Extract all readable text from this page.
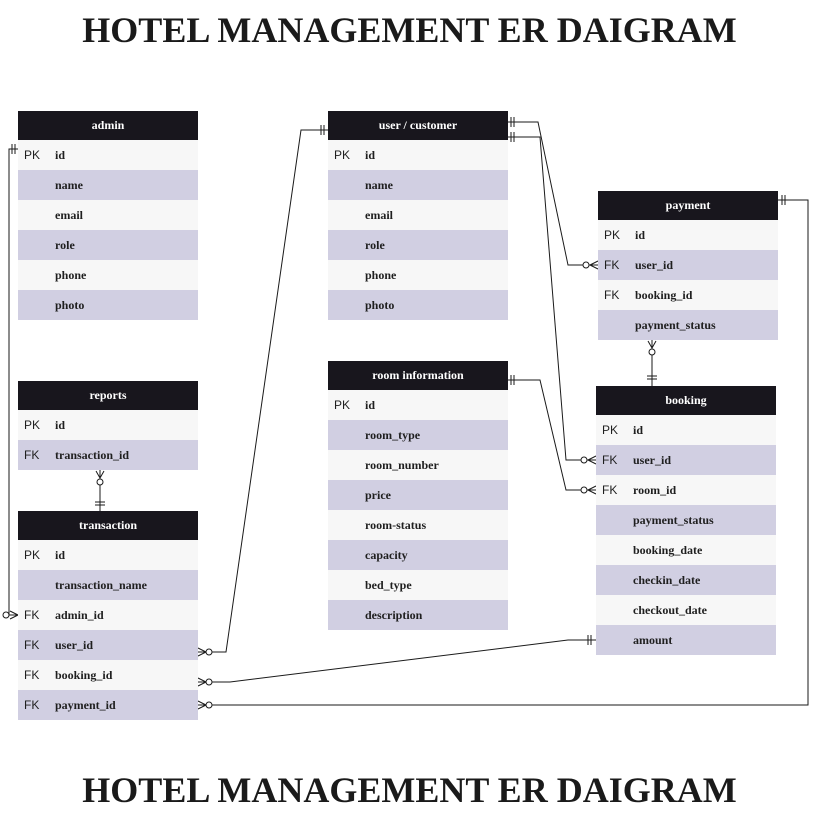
HOTEL MANAGEMENT ER DAIGRAM
admin
PK	id
name
email
role
phone
photo
user / customer
PK	id
name
email
role
phone
photo
payment
PK	id
FK	user_id
FK	booking_id
payment_status
reports
PK	id
FK	transaction_id
room information
PK	id
room_type
room_number
price
room-status
capacity
bed_type
description
booking
PK	id
FK	user_id
FK	room_id
payment_status
booking_date
checkin_date
checkout_date
amount
transaction
PK	id
transaction_name
FK	admin_id
FK	user_id
FK	booking_id
FK	payment_id
HOTEL MANAGEMENT ER DAIGRAM
